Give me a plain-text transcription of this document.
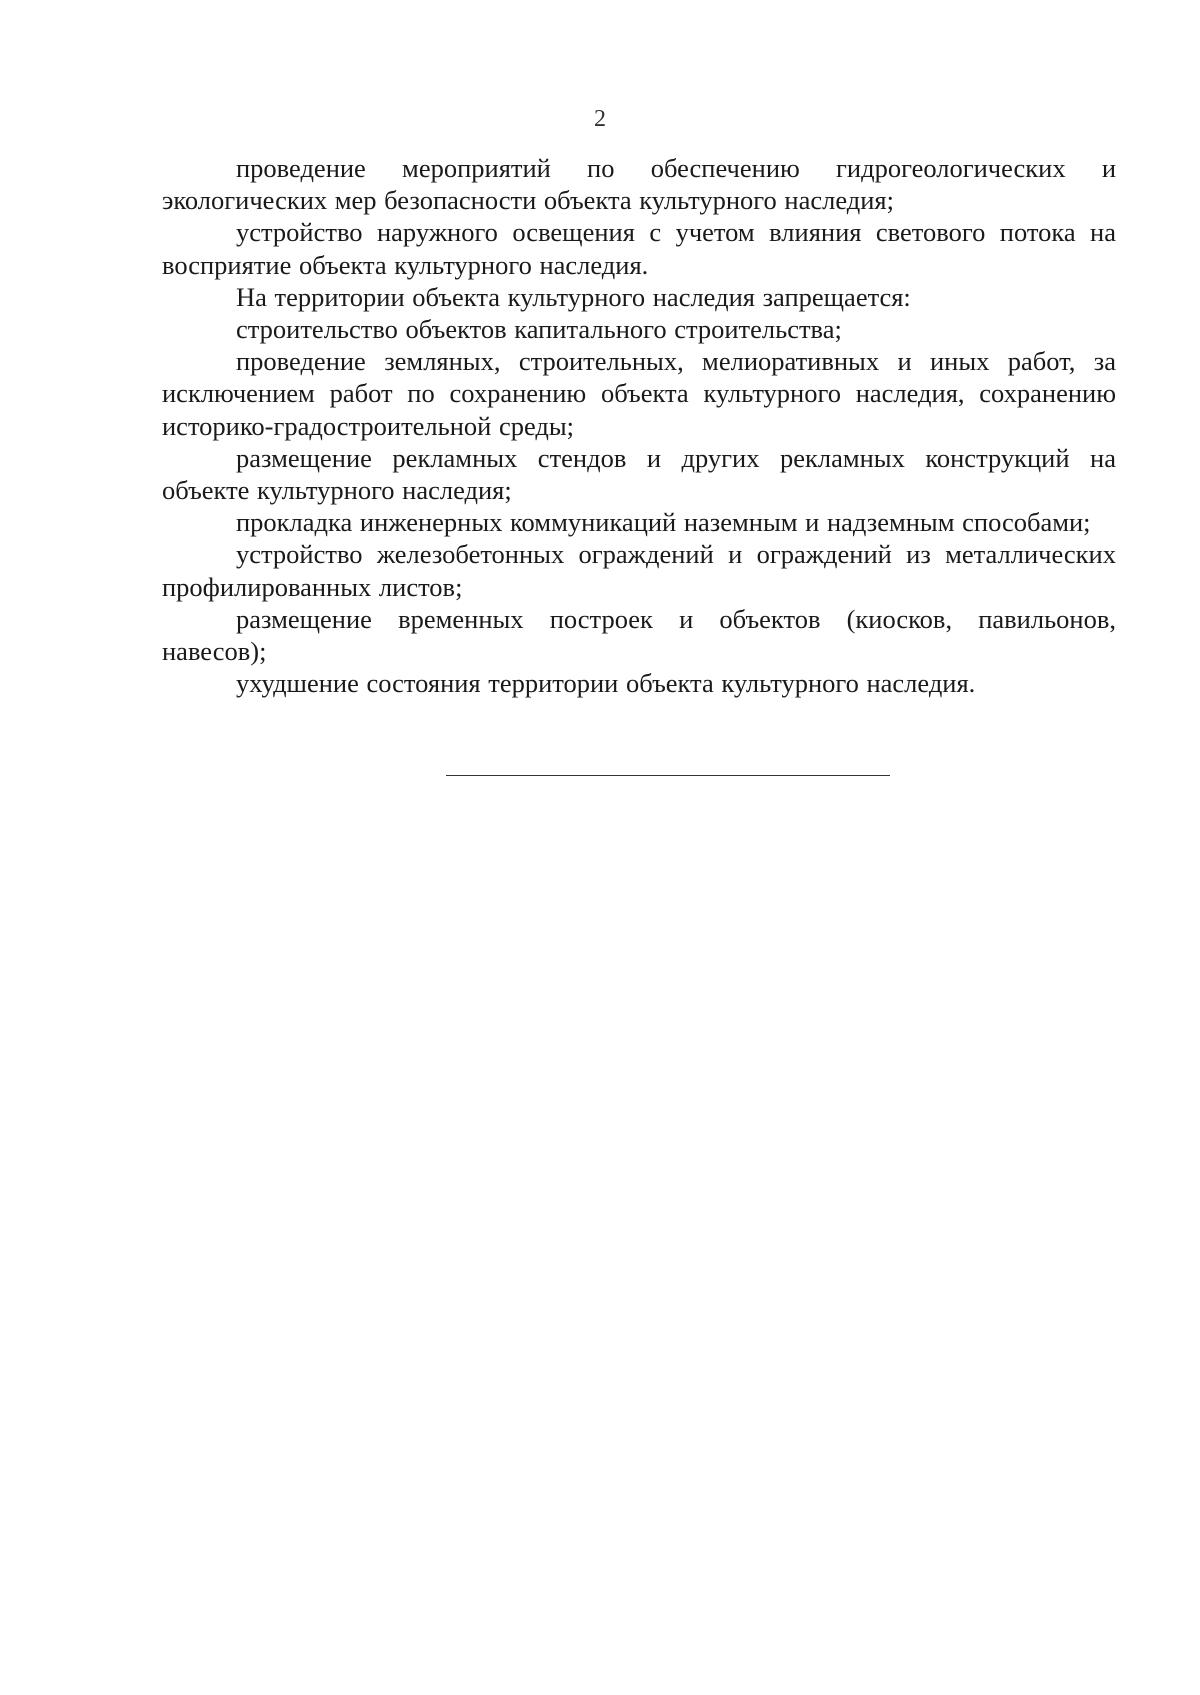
2

проведение мероприятий по обеспечению гидрогеологических и экологических мер безопасности объекта культурного наследия;

устройство наружного освещения с учетом влияния светового потока на восприятие объекта культурного наследия.

На территории объекта культурного наследия запрещается:

строительство объектов капитального строительства;

проведение земляных, строительных, мелиоративных и иных работ, за исключением работ по сохранению объекта культурного наследия, сохранению историко-градостроительной среды;

размещение рекламных стендов и других рекламных конструкций на объекте культурного наследия;

прокладка инженерных коммуникаций наземным и надземным способами;

устройство железобетонных ограждений и ограждений из металлических профилированных листов;

размещение временных построек и объектов (киосков, павильонов, навесов);

ухудшение состояния территории объекта культурного наследия.
